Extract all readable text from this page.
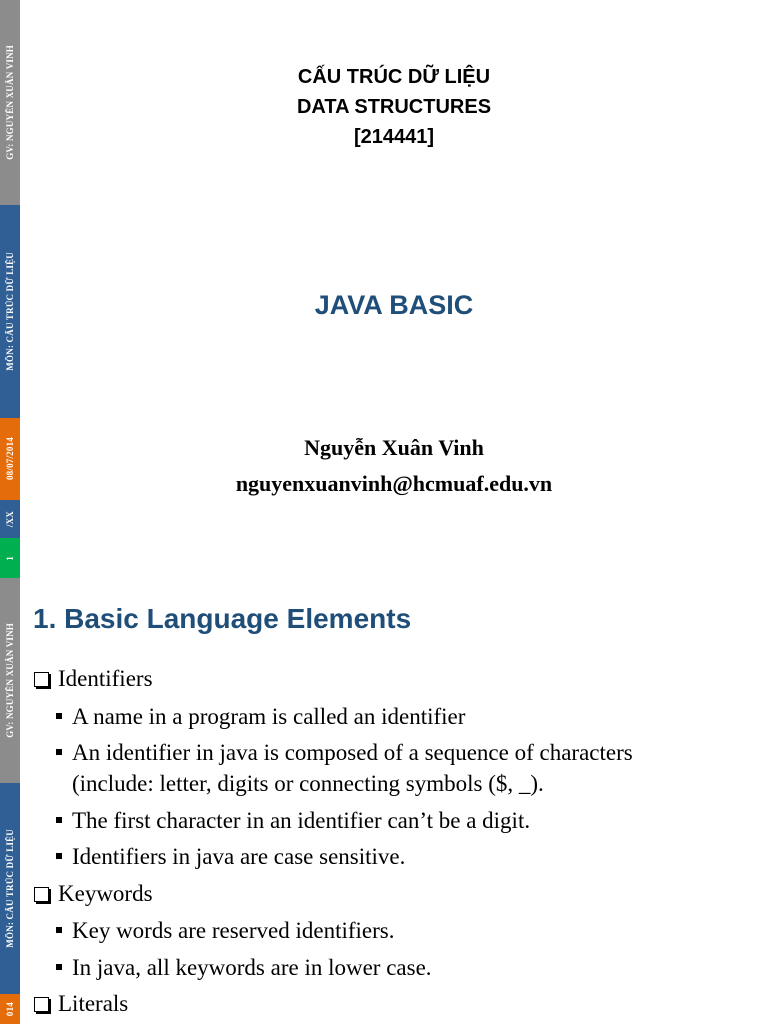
GV: NGUYỄN XUÂN VINH
MÔN: CẤU TRÚC DỮ LIỆU
08/07/2014
/XX
1
GV: NGUYỄN XUÂN VINH
MÔN: CẤU TRÚC DỮ LIỆU
014
CẤU TRÚC DỮ LIỆU
DATA STRUCTURES
[214441]
JAVA BASIC
Nguyễn Xuân Vinh
nguyenxuanvinh@hcmuaf.edu.vn
1. Basic Language Elements
Identifiers
A name in a program is called an identifier
An identifier in java is composed of a sequence of characters
(include: letter, digits or connecting symbols ($, _).
The first character in an identifier can’t be a digit.
Identifiers in java are case sensitive.
Keywords
Key words are reserved identifiers.
In java, all keywords are in lower case.
Literals
